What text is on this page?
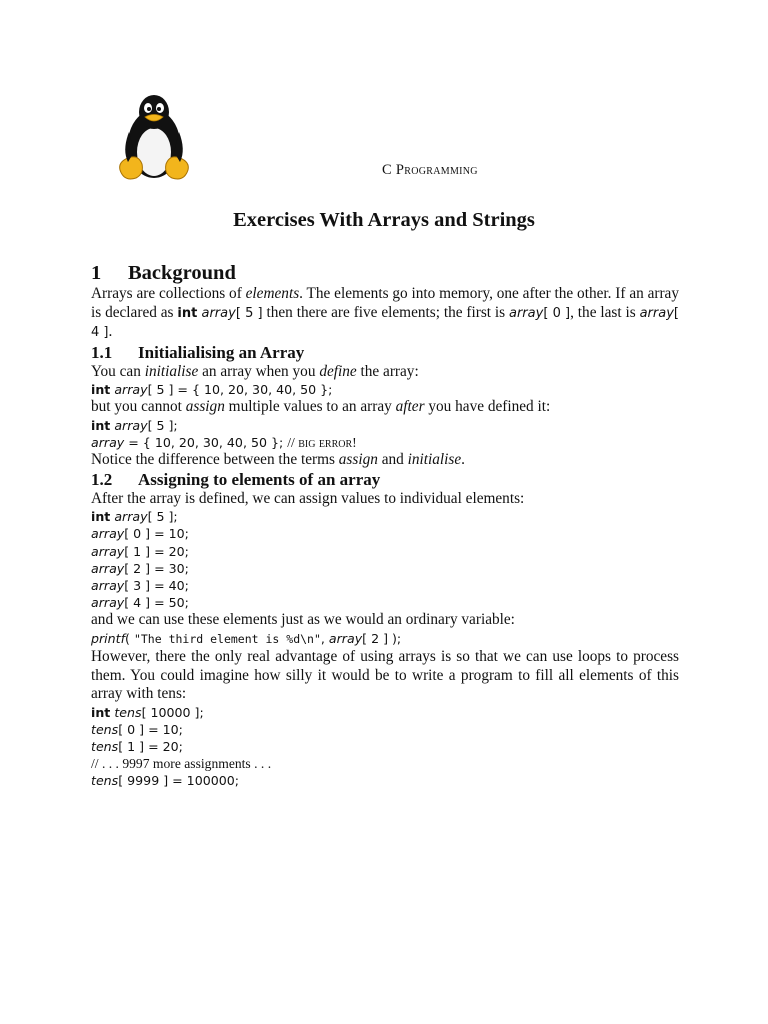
C Programming
Exercises With Arrays and Strings
1 Background

Arrays are collections of elements. The elements go into memory, one after the other. If an array is declared as int array[ 5 ] then there are five elements; the first is array[ 0 ], the last is array[ 4 ].

1.1 Initialialising an Array

You can initialise an array when you define the array:

int array[ 5 ] = { 10, 20, 30, 40, 50 };

but you cannot assign multiple values to an array after you have defined it:

int array[ 5 ];
array = { 10, 20, 30, 40, 50 }; // big error!

Notice the difference between the terms assign and initialise.

1.2 Assigning to elements of an array

After the array is defined, we can assign values to individual elements:

int array[ 5 ];
array[ 0 ] = 10;
array[ 1 ] = 20;
array[ 2 ] = 30;
array[ 3 ] = 40;
array[ 4 ] = 50;

and we can use these elements just as we would an ordinary variable:

printf( "The third element is %d\n", array[ 2 ] );

However, there the only real advantage of using arrays is so that we can use loops to process them. You could imagine how silly it would be to write a program to fill all elements of this array with tens:

int tens[ 10000 ];
tens[ 0 ] = 10;
tens[ 1 ] = 20;
// . . . 9997 more assignments . . .
tens[ 9999 ] = 100000;
